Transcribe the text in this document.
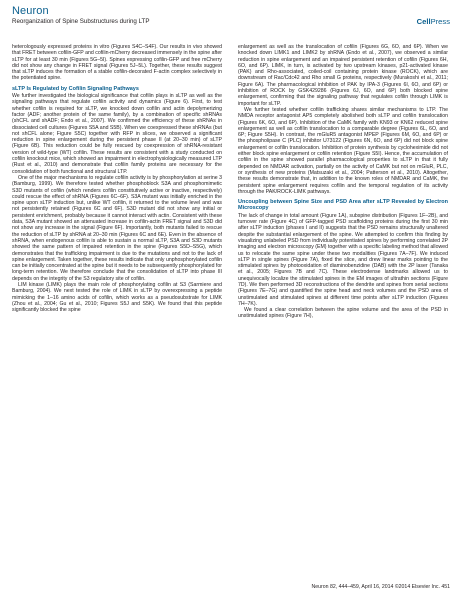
Neuron
Reorganization of Spine Substructures during LTP	CellPress

heterologously expressed proteins in vitro (Figures S4C–S4F). Our results in vivo showed that FRET between cofilin-GFP and cofilin-mCherry decreased immensely in the spine after sLTP for at least 30 min (Figures 5G–5I). Spines expressing cofilin-GFP and free mCherry did not show any change in FRET signal (Figures 5J–5L). Together, these results suggest that sLTP induces the formation of a stable cofilin-decorated F-actin complex selectively in the potentiated spine.

sLTP Is Regulated by Cofilin Signaling Pathways

We further investigated the biological significance that cofilin plays in sLTP as well as the signaling pathways that regulate cofilin activity and dynamics (Figure 6). First, to test whether cofilin is required for sLTP, we knocked down cofilin and actin depolymerizing factor (ADF; another protein of the same family), by a combination of specific shRNAs (shCFL and shADF; Endo et al., 2007). We confirmed the efficiency of these shRNAs in dissociated cell cultures (Figures S5A and S5B). When we coexpressed these shRNAs (but not shCFL alone; Figure S5C) together with RFP in slices, we observed a significant reduction in spine enlargement during the persistent phase II (at 20–30 min) of sLTP (Figure 6B). This reduction could be fully rescued by coexpression of shRNA-resistant version of wild-type (WT) cofilin. These results are consistent with a study conducted on cofilin knockout mice, which showed an impairment in electrophysiologically measured LTP (Rust et al., 2010) and demonstrate that cofilin family proteins are necessary for the consolidation of both functional and structural LTP.

One of the major mechanisms to regulate cofilin activity is by phosphorylation at serine 3 (Bamburg, 1999). We therefore tested whether phosphoblock S3A and phosphomimetic S3D mutants of cofilin (which renders cofilin constitutively active or inactive, respectively) could rescue the effect of shRNA (Figures 6C–6F). S3A mutant was initially enriched in the spine upon sLTP induction but, unlike WT cofilin, it returned to the volume level and was not persistently retained (Figures 6C and 6F). S3D mutant did not show any initial or persistent enrichment, probably because it cannot interact with actin. Consistent with these data, S3A mutant showed an attenuated increase in cofilin-actin FRET signal and S3D did not show any increase in the signal (Figure 6F). Importantly, both mutants failed to rescue the reduction of sLTP by shRNA at 20–30 min (Figures 6C and 6E). Even in the absence of shRNA, when endogenous cofilin is able to sustain a normal sLTP, S3A and S3D mutants showed the same pattern of impaired retention in the spine (Figures S5D–S5G), which demonstrates that the trafficking impairment is due to the mutations and not to the lack of spine enlargement. Taken together, these results indicate that only unphosphorylated cofilin can be initially concentrated at the spine but it needs to be subsequently phosphorylated for long-term retention. We therefore conclude that the consolidation of sLTP into phase III depends on the integrity of the S3 regulatory site of cofilin.

LIM kinase (LIMK) plays the main role of phosphorylating cofilin at S3 (Sarmiere and Bamburg, 2004). We next tested the role of LIMK in sLTP by overexpressing a peptide mimicking the 1–16 amino acids of cofilin, which works as a pseudosubstrate for LIMK (Zhou et al., 2004; Gu et al., 2010; Figures S5J and S5K). We found that this peptide significantly blocked the spine

enlargement as well as the translocation of cofilin (Figures 6G, 6O, and 6P). When we knocked down LIMK1 and LIMK2 by shRNA (Endo et al., 2007), we observed a similar reduction in spine enlargement and an impaired persistent retention of cofilin (Figures 6H, 6O, and 6P). LIMK, in turn, is activated by two upstream kinases, p21-activated kinase (PAK) and Rho-associated, coiled-coil containing protein kinase (ROCK), which are downstream of Rac/Cdc42 and Rho small G proteins, respectively (Murakoshi et al., 2011; Figure 6A). The pharmacological inhibition of PAK by IPA-3 (Figures 6I, 6O, and 6P) or inhibition of ROCK by GSK429286 (Figures 6J, 6O, and 6P) both blocked spine enlargement, confirming that the signaling pathway that regulates cofilin through LIMK is important for sLTP.

We further tested whether cofilin trafficking shares similar mechanisms to LTP. The NMDA receptor antagonist AP5 completely abolished both sLTP and cofilin translocation (Figures 6K, 6O, and 6P). Inhibition of the CaMK family with KN93 or KN62 reduced spine enlargement as well as cofilin translocation to a comparable degree (Figures 6L, 6O, and 6P; Figure S5H). In contrast, the mGluR5 antagonist MPEP (Figures 6M, 6O, and 6P) or the phospholipase C (PLC) inhibitor U73122 (Figures 6N, 6O, and 6P) did not block spine enlargement or cofilin translocation. Inhibition of protein synthesis by cycloheximide did not either block spine enlargement or cofilin retention (Figure S5I). Hence, the accumulation of cofilin in the spine showed parallel pharmacological properties to sLTP in that it fully depended on NMDAR activation, partially on the activity of CaMK but not on mGluR, PLC, or synthesis of new proteins (Matsuzaki et al., 2004; Patterson et al., 2010). Altogether, these results demonstrate that, in addition to the known roles of NMDAR and CaMK, the persistent spine enlargement requires cofilin and the temporal regulation of its activity through the PAK/ROCK-LIMK pathways.

Uncoupling between Spine Size and PSD Area after sLTP Revealed by Electron Microscopy

The lack of change in total amount (Figure 1A), subspine distribution (Figures 1F–2B), and turnover rate (Figure 4C) of GFP-tagged PSD scaffolding proteins during the first 30 min after sLTP induction (phases I and II) suggests that the PSD remains structurally unaltered despite the substantial enlargement of the spine. We attempted to confirm this finding by visualizing unlabeled PSD from individually potentiated spines by performing correlated 2P imaging and electron microscopy (EM) together with a specific labeling method that allowed us to relocate the same spine under these two modalities (Figures 7A–7F). We induced sLTP in single spines (Figure 7A), fixed the slice, and drew linear marks pointing to the stimulated spines by photooxidation of diaminobenzidine (DAB) with the 2P laser (Tanaka et al., 2005; Figures 7B and 7C). These electrodense landmarks allowed us to unequivocally localize the stimulated spines in the EM images of ultrathin sections (Figure 7D). We then performed 3D reconstructions of the dendrite and spines from serial sections (Figures 7E–7G) and quantified the spine head and neck volumes and the PSD area of unstimulated and stimulated spines at different time points after sLTP induction (Figures 7H–7K).

We found a clear correlation between the spine volume and the area of the PSD in unstimulated spines (Figure 7H),

Neuron 82, 444–459, April 16, 2014 ©2014 Elsevier Inc. 451
